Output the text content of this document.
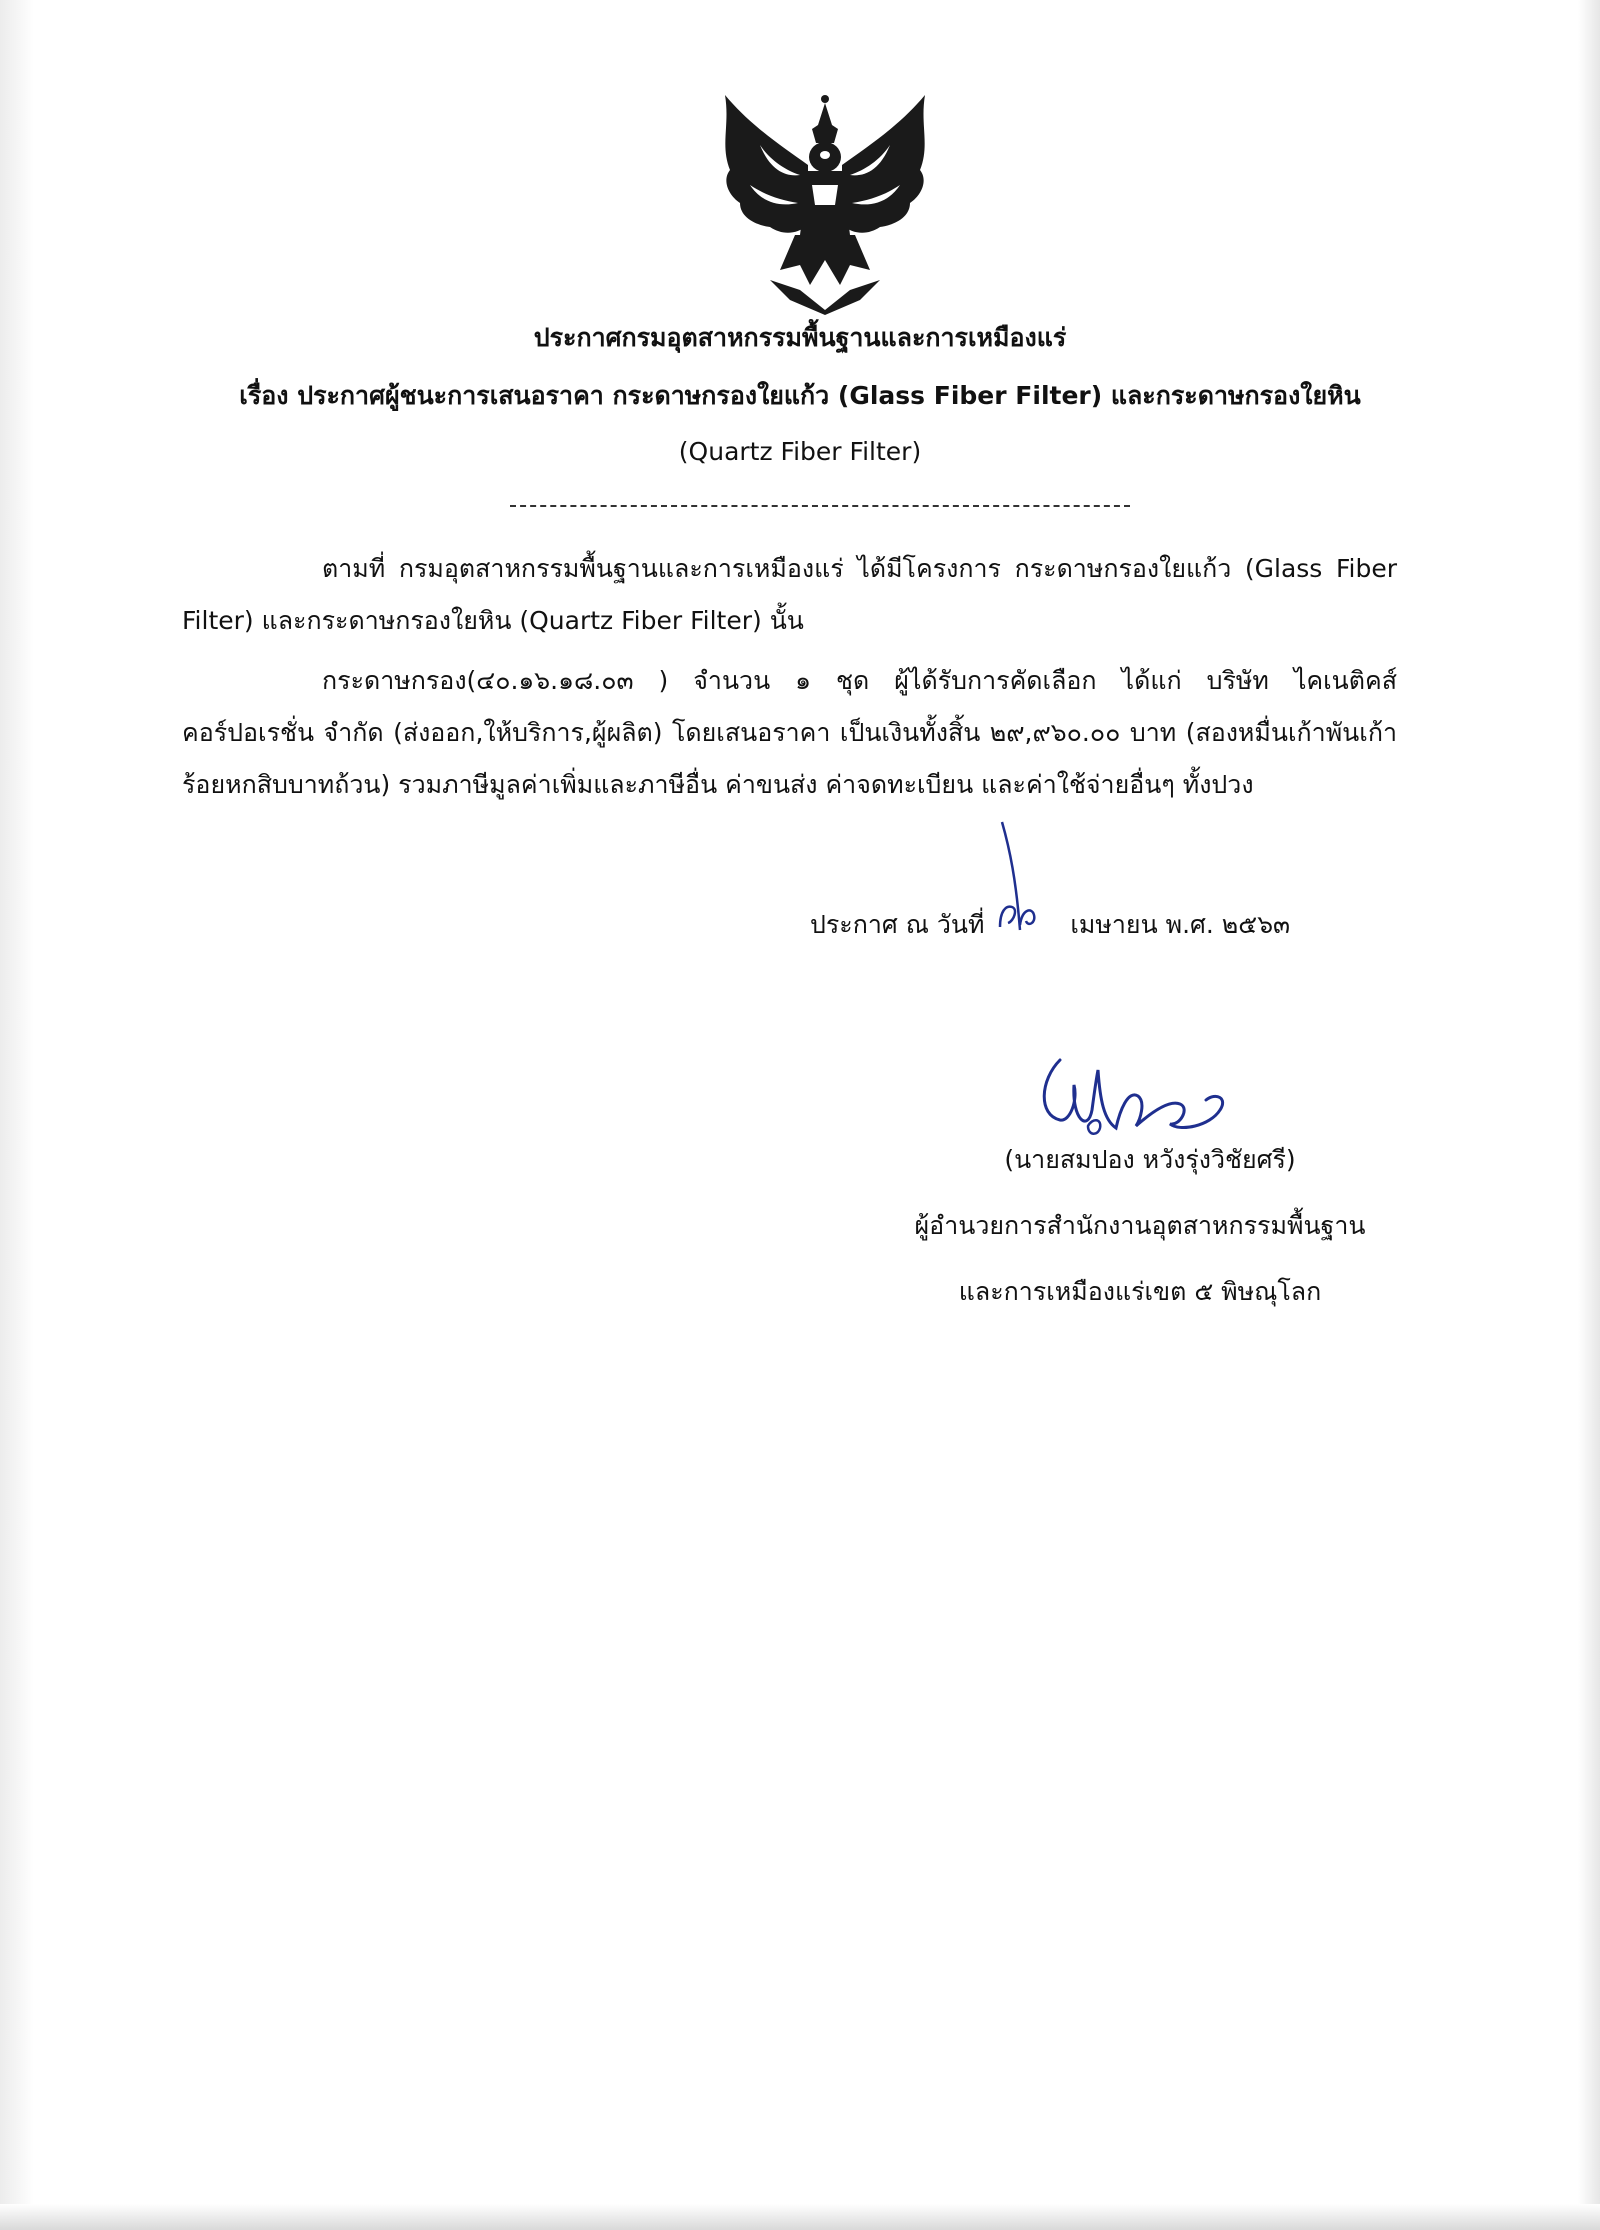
ประกาศกรมอุตสาหกรรมพื้นฐานและการเหมืองแร่
เรื่อง ประกาศผู้ชนะการเสนอราคา กระดาษกรองใยแก้ว (Glass Fiber Filter) และกระดาษกรองใยหิน
(Quartz Fiber Filter)
ตามที่ กรมอุตสาหกรรมพื้นฐานและการเหมืองแร่ ได้มีโครงการ กระดาษกรองใยแก้ว (Glass Fiber Filter) และกระดาษกรองใยหิน (Quartz Fiber Filter) นั้น
กระดาษกรอง(๔๐.๑๖.๑๘.๐๓ ) จำนวน ๑ ชุด ผู้ได้รับการคัดเลือก ได้แก่ บริษัท ไคเนติคส์ คอร์ปอเรชั่น จำกัด (ส่งออก,ให้บริการ,ผู้ผลิต) โดยเสนอราคา เป็นเงินทั้งสิ้น ๒๙,๙๖๐.๐๐ บาท (สองหมื่นเก้าพันเก้าร้อยหกสิบบาทถ้วน) รวมภาษีมูลค่าเพิ่มและภาษีอื่น ค่าขนส่ง ค่าจดทะเบียน และค่าใช้จ่ายอื่นๆ ทั้งปวง
ประกาศ ณ วันที่	เมษายน พ.ศ. ๒๕๖๓
(นายสมปอง หวังรุ่งวิชัยศรี)
ผู้อำนวยการสำนักงานอุตสาหกรรมพื้นฐาน
และการเหมืองแร่เขต ๕ พิษณุโลก
